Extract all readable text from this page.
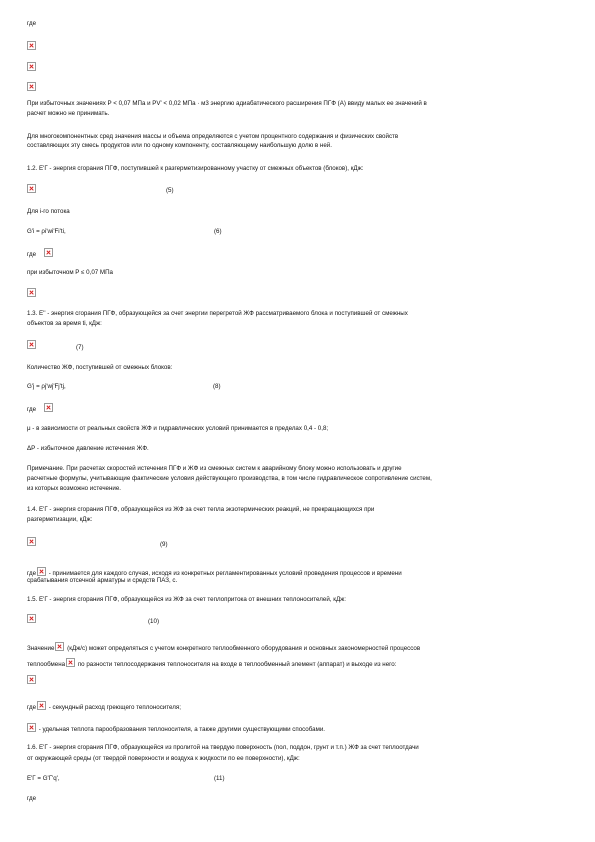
где
При избыточных значениях P < 0,07 МПа и PV' < 0,02 МПа · м3 энергию адиабатического расширения ПГФ (А) ввиду малых ее значений в
расчет можно не принимать.
Для многокомпонентных сред значения массы и объема определяются с учетом процентного содержания и физических свойств
составляющих эту смесь продуктов или по одному компоненту, составляющему наибольшую долю в ней.
1.2. E'Г - энергия сгорания ПГФ, поступившей к разгерметизированному участку от смежных объектов (блоков), кДж:
(5)
Для i-го потока
G'i = ρi'wi'Fi'ti,	(6)
где
при избыточном P ≤ 0,07 МПа
1.3. E'' - энергия сгорания ПГФ, образующейся за счет энергии перегретой ЖФ рассматриваемого блока и поступившей от смежных
объектов за время ti, кДж:
(7)
Количество ЖФ, поступившей от смежных блоков:
G'j = ρj'wj'Fj'tj,	(8)
где
μ - в зависимости от реальных свойств ЖФ и гидравлических условий принимается в пределах 0,4 - 0,8;
ΔP - избыточное давление истечения ЖФ.
Примечание. При расчетах скоростей истечения ПГФ и ЖФ из смежных систем к аварийному блоку можно использовать и другие
расчетные формулы, учитывающие фактические условия действующего производства, в том числе гидравлическое сопротивление систем,
из которых возможно истечение.
1.4. E'Г - энергия сгорания ПГФ, образующейся из ЖФ за счет тепла экзотермических реакций, не прекращающихся при
разгерметизации, кДж:
(9)
где - принимается для каждого случая, исходя из конкретных регламентированных условий проведения процессов и времени
срабатывания отсечной арматуры и средств ПАЗ, с.
1.5. E'Г - энергия сгорания ПГФ, образующейся из ЖФ за счет теплопритока от внешних теплоносителей, кДж:
(10)
Значение (кДж/с) может определяться с учетом конкретного теплообменного оборудования и основных закономерностей процессов
теплообмена по разности теплосодержания теплоносителя на входе в теплообменный элемент (аппарат) и выходе из него:
где - секундный расход греющего теплоносителя;
- удельная теплота парообразования теплоносителя, а также другими существующими способами.
1.6. E'Г - энергия сгорания ПГФ, образующейся из пролитой на твердую поверхность (пол, поддон, грунт и т.п.) ЖФ за счет теплоотдачи
от окружающей среды (от твердой поверхности и воздуха к жидкости по ее поверхности), кДж:
E'Г = G'Г'q',	(11)
где
